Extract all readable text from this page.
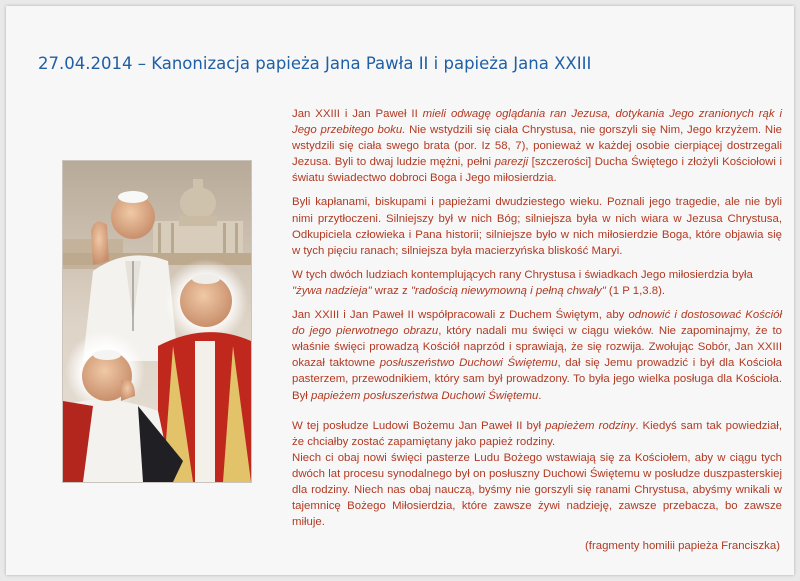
27.04.2014 – Kanonizacja papieża Jana Pawła II i papieża Jana XXIII

Jan XXIII i Jan Paweł II mieli odwagę oglądania ran Jezusa, dotykania Jego zranionych rąk i Jego przebitego boku. Nie wstydzili się ciała Chrystusa, nie gorszyli się Nim, Jego krzyżem. Nie wstydzili się ciała swego brata (por. Iz 58, 7), ponieważ w każdej osobie cierpiącej dostrzegali Jezusa. Byli to dwaj ludzie mężni, pełni parezji [szczerości] Ducha Świętego i złożyli Kościołowi i światu świadectwo dobroci Boga i Jego miłosierdzia.

Byli kapłanami, biskupami i papieżami dwudziestego wieku. Poznali jego tragedie, ale nie byli nimi przytłoczeni. Silniejszy był w nich Bóg; silniejsza była w nich wiara w Jezusa Chrystusa, Odkupiciela człowieka i Pana historii; silniejsze było w nich miłosierdzie Boga, które objawia się w tych pięciu ranach; silniejsza była macierzyńska bliskość Maryi.

W tych dwóch ludziach kontemplujących rany Chrystusa i świadkach Jego miłosierdzia była "żywa nadzieja" wraz z "radością niewymowną i pełną chwały" (1 P 1,3.8).

Jan XXIII i Jan Paweł II współpracowali z Duchem Świętym, aby odnowić i dostosować Kościół do jego pierwotnego obrazu, który nadali mu święci w ciągu wieków. Nie zapominajmy, że to właśnie święci prowadzą Kościół naprzód i sprawiają, że się rozwija. Zwołując Sobór, Jan XXIII okazał taktowne posłuszeństwo Duchowi Świętemu, dał się Jemu prowadzić i był dla Kościoła pasterzem, przewodnikiem, który sam był prowadzony. To była jego wielka posługa dla Kościoła. Był papieżem posłuszeństwa Duchowi Świętemu.

W tej posłudze Ludowi Bożemu Jan Paweł II był papieżem rodziny. Kiedyś sam tak powiedział, że chciałby zostać zapamiętany jako papież rodziny.

Niech ci obaj nowi święci pasterze Ludu Bożego wstawiają się za Kościołem, aby w ciągu tych dwóch lat procesu synodalnego był on posłuszny Duchowi Świętemu w posłudze duszpasterskiej dla rodziny. Niech nas obaj nauczą, byśmy nie gorszyli się ranami Chrystusa, abyśmy wnikali w tajemnicę Bożego Miłosierdzia, które zawsze żywi nadzieję, zawsze przebacza, bo zawsze miłuje.

(fragmenty homilii papieża Franciszka)
